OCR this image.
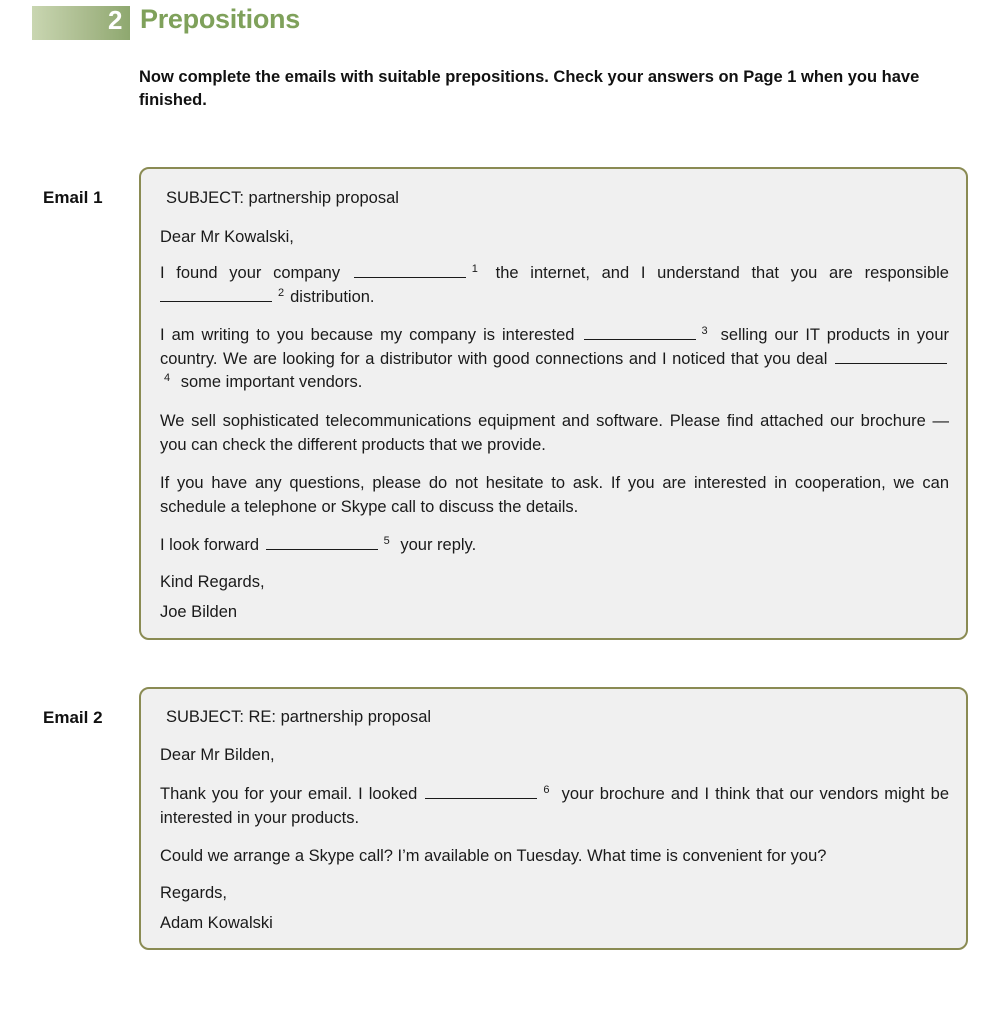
2 Prepositions
Now complete the emails with suitable prepositions. Check your answers on Page 1 when you have finished.
Email 1	SUBJECT: partnership proposal
Dear Mr Kowalski,
I found your company	$^1$ the internet, and I understand that you are responsible
$^2$ distribution.
I am writing to you because my company is interested	$^3$ selling our IT products in your country. We are looking for a distributor with good connections and I noticed that you deal $^4$ some important vendors.
We sell sophisticated telecommunications equipment and software. Please find attached our brochure — you can check the different products that we provide.
If you have any questions, please do not hesitate to ask. If you are interested in cooperation, we can schedule a telephone or Skype call to discuss the details.
I look forward	$^5$ your reply.
Kind Regards,
Joe Bilden
Email 2	SUBJECT: RE: partnership proposal
Dear Mr Bilden,
Thank you for your email. I looked	$^6$ your brochure and I think that our vendors might be interested in your products.
Could we arrange a Skype call? I’m available on Tuesday. What time is convenient for you?
Regards,
Adam Kowalski
